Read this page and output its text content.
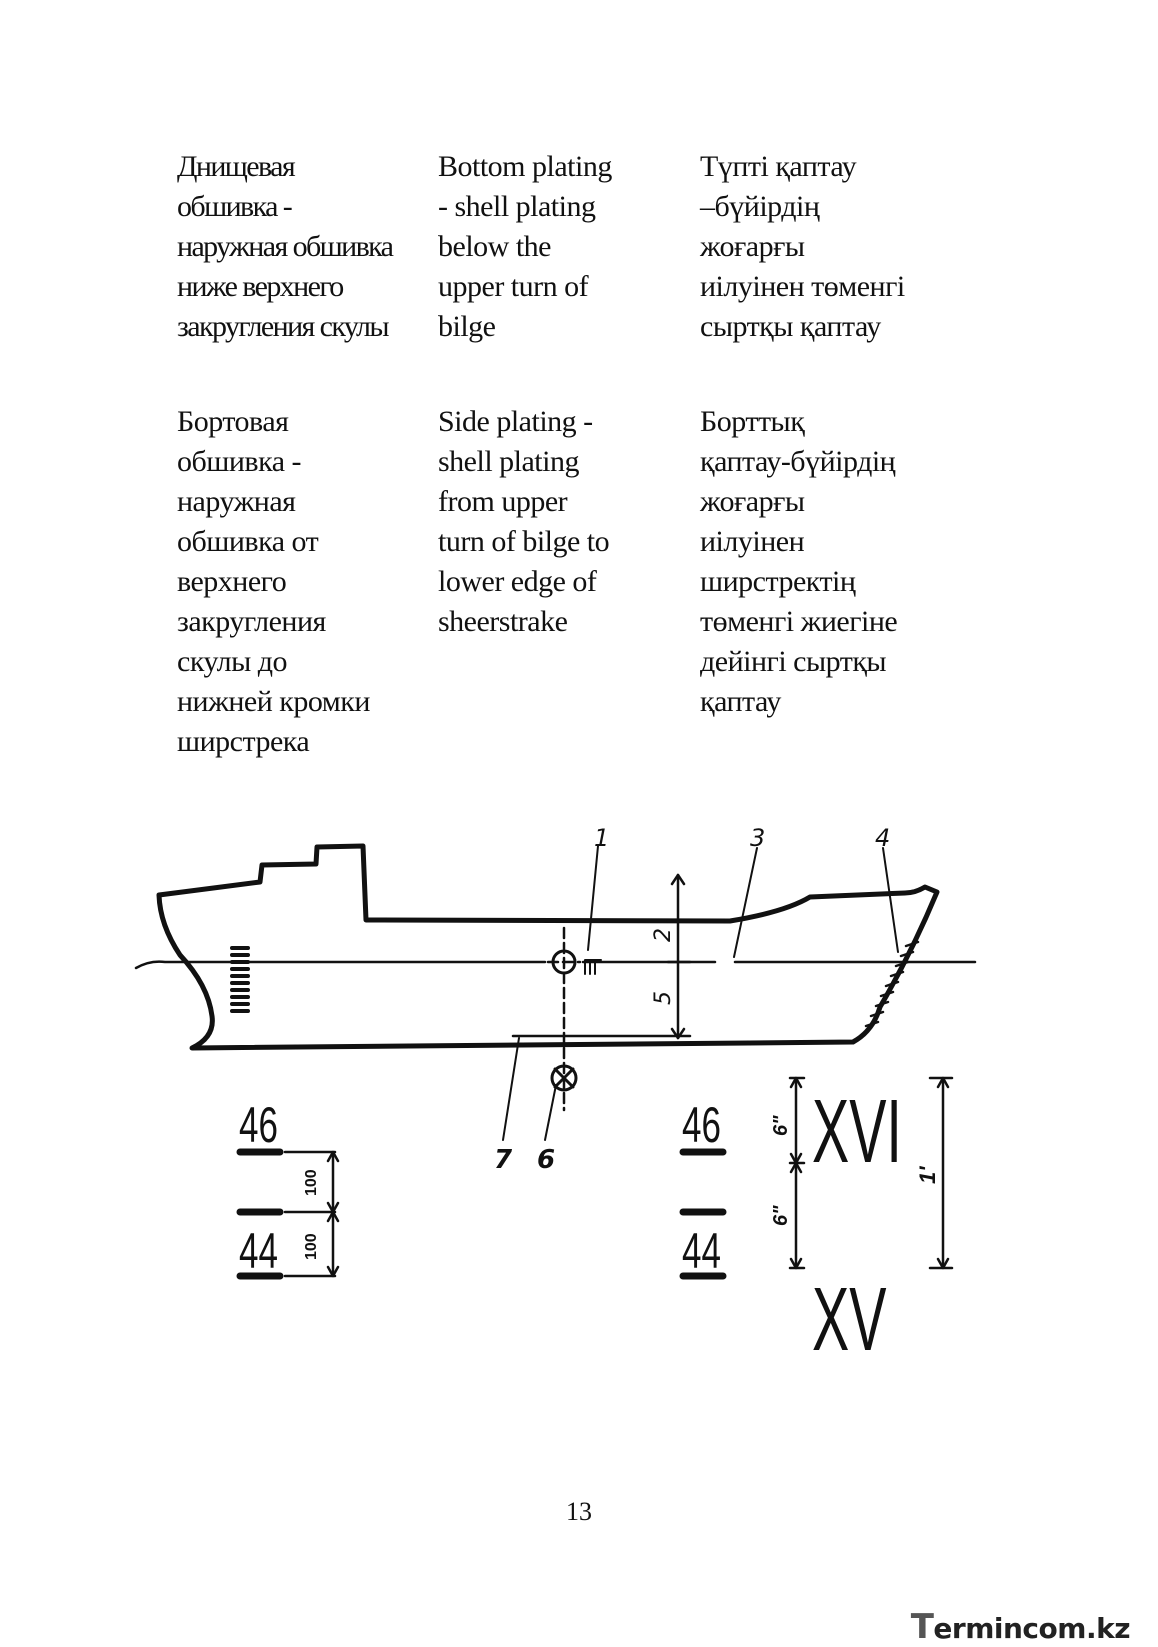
Днищевая
обшивка -
наружная обшивка
ниже верхнего
закругления скулы
Bottom plating
- shell plating
below the
upper turn of
bilge
Түпті қаптау
–бүйірдің
жоғарғы
иілуінен төменгі
сыртқы қаптау
Бортовая
обшивка -
наружная
обшивка от
верхнего
закругления
скулы до
нижней кромки
ширстрека
Side plating -
shell plating
from upper
turn of bilge to
lower edge of
sheerstrake
Борттық
қаптау-бүйірдің
жоғарғы
иілуінен
ширстректің
төменгі жиегіне
дейінгі сыртқы
қаптау
1	3	4
7 6
2
5
46
44
100
100
46
44
XVI
XV
6"
6"
1'
13
Termincom.kz
